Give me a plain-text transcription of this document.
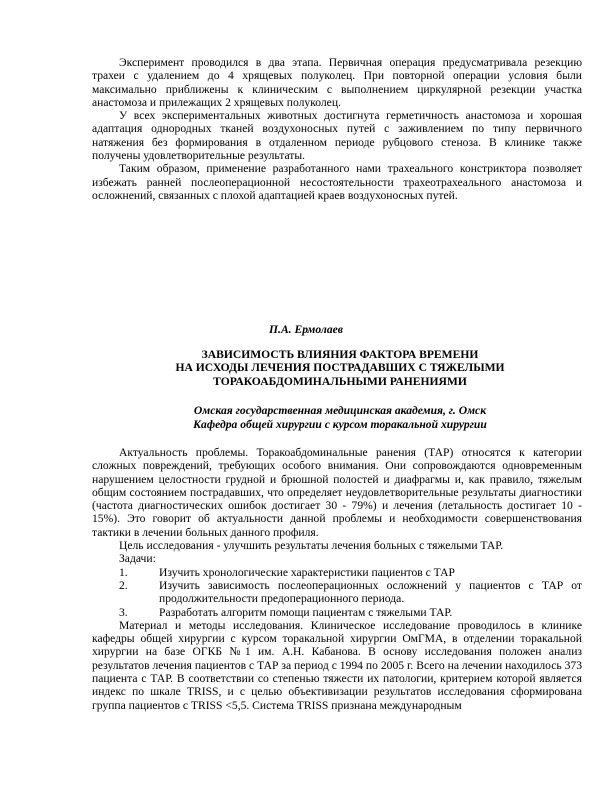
Эксперимент проводился в два этапа. Первичная операция предусматривала резекцию трахеи с удалением до 4 хрящевых полуколец. При повторной операции условия были максимально приближены к клиническим с выполнением циркулярной резекции участка анастомоза и прилежащих 2 хрящевых полуколец.

У всех экспериментальных животных достигнута герметичность анастомоза и хорошая адаптация однородных тканей воздухоносных путей с заживлением по типу первичного натяжения без формирования в отдаленном периоде рубцового стеноза. В клинике также получены удовлетворительные результаты.

Таким образом, применение разработанного нами трахеального констриктора позволяет избежать ранней послеоперационной несостоятельности трахеотрахеального анастомоза и осложнений, связанных с плохой адаптацией краев воздухоносных путей.

П.А. Ермолаев
ЗАВИСИМОСТЬ ВЛИЯНИЯ ФАКТОРА ВРЕМЕНИ
НА ИСХОДЫ ЛЕЧЕНИЯ ПОСТРАДАВШИХ С ТЯЖЕЛЫМИ
ТОРАКОАБДОМИНАЛЬНЫМИ РАНЕНИЯМИ
Омская государственная медицинская академия, г. Омск
Кафедра общей хирургии с курсом торакальной хирургии

Актуальность проблемы. Торакоабдоминальные ранения (ТАР) относятся к категории сложных повреждений, требующих особого внимания. Они сопровождаются одновременным нарушением целостности грудной и брюшной полостей и диафрагмы и, как правило, тяжелым общим состоянием пострадавших, что определяет неудовлетворительные результаты диагностики (частота диагностических ошибок достигает 30 - 79%) и лечения (летальность достигает 10 - 15%). Это говорит об актуальности данной проблемы и необходимости совершенствования тактики в лечении больных данного профиля.

Цель исследования - улучшить результаты лечения больных с тяжелыми ТАР.

Задачи:

1.	Изучить хронологические характеристики пациентов с ТАР
2.	Изучить зависимость послеоперационных осложнений у пациентов с ТАР от продолжительности предоперационного периода.
3.	Разработать алгоритм помощи пациентам с тяжелыми ТАР.

Материал и методы исследования. Клиническое исследование проводилось в клинике кафедры общей хирургии с курсом торакальной хирургии ОмГМА, в отделении торакальной хирургии на базе ОГКБ №1 им. А.Н. Кабанова. В основу исследования положен анализ результатов лечения пациентов с ТАР за период с 1994 по 2005 г. Всего на лечении находилось 373 пациента с ТАР. В соответствии со степенью тяжести их патологии, критерием которой является индекс по шкале TRISS, и с целью объективизации результатов исследования сформирована группа пациентов с TRISS <5,5. Система TRISS признана международным
